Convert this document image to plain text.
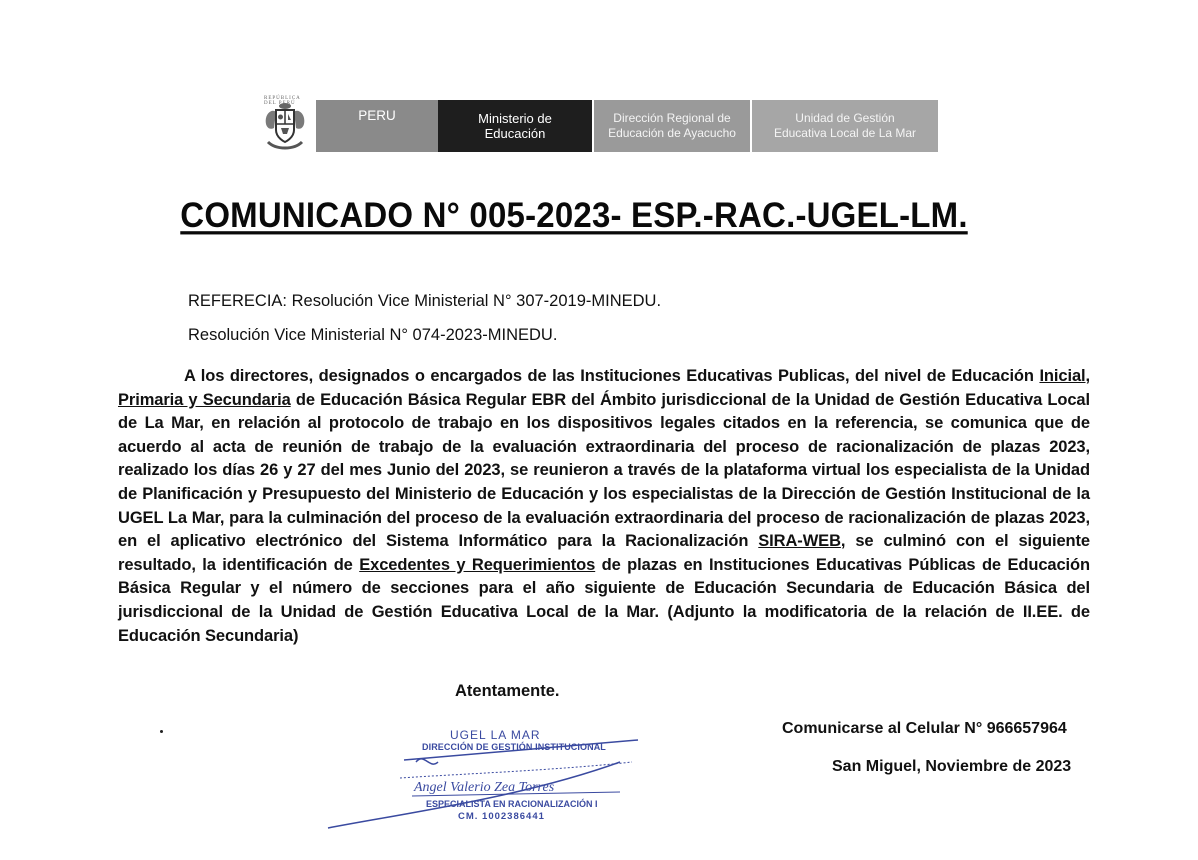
REPÚBLICA DEL PERÚ
PERU	Ministerio de
Educación
Dirección Regional de
Educación de Ayacucho
Unidad de Gestión
Educativa Local de La Mar
COMUNICADO N° 005-2023- ESP.-RAC.-UGEL-LM.
REFERECIA: Resolución Vice Ministerial N° 307-2019-MINEDU.
Resolución Vice Ministerial N° 074-2023-MINEDU.
A los directores, designados o encargados de las Instituciones Educativas Publicas, del nivel de Educación Inicial, Primaria y Secundaria de Educación Básica Regular EBR del Ámbito jurisdiccional de la Unidad de Gestión Educativa Local de La Mar, en relación al protocolo de trabajo en los dispositivos legales citados en la referencia, se comunica que de acuerdo al acta de reunión de trabajo de la evaluación extraordinaria del proceso de racionalización de plazas 2023, realizado los días 26 y 27 del mes Junio del 2023, se reunieron a través de la plataforma virtual los especialista de la Unidad de Planificación y Presupuesto del Ministerio de Educación y los especialistas de la Dirección de Gestión Institucional de la UGEL La Mar, para la culminación del proceso de la evaluación extraordinaria del proceso de racionalización de plazas 2023, en el aplicativo electrónico del Sistema Informático para la Racionalización SIRA-WEB, se culminó con el siguiente resultado, la identificación de Excedentes y Requerimientos de plazas en Instituciones Educativas Públicas de Educación Básica Regular y el número de secciones para el año siguiente de Educación Secundaria de Educación Básica del jurisdiccional de la Unidad de Gestión Educativa Local de la Mar. (Adjunto la modificatoria de la relación de II.EE. de Educación Secundaria)
Atentamente.
UGEL LA MAR
DIRECCIÓN DE GESTIÓN INSTITUCIONAL
Angel Valerio Zea Torres
ESPECIALISTA EN RACIONALIZACIÓN I
CM. 1002386441
Comunicarse al Celular N° 966657964
San Miguel, Noviembre de 2023
